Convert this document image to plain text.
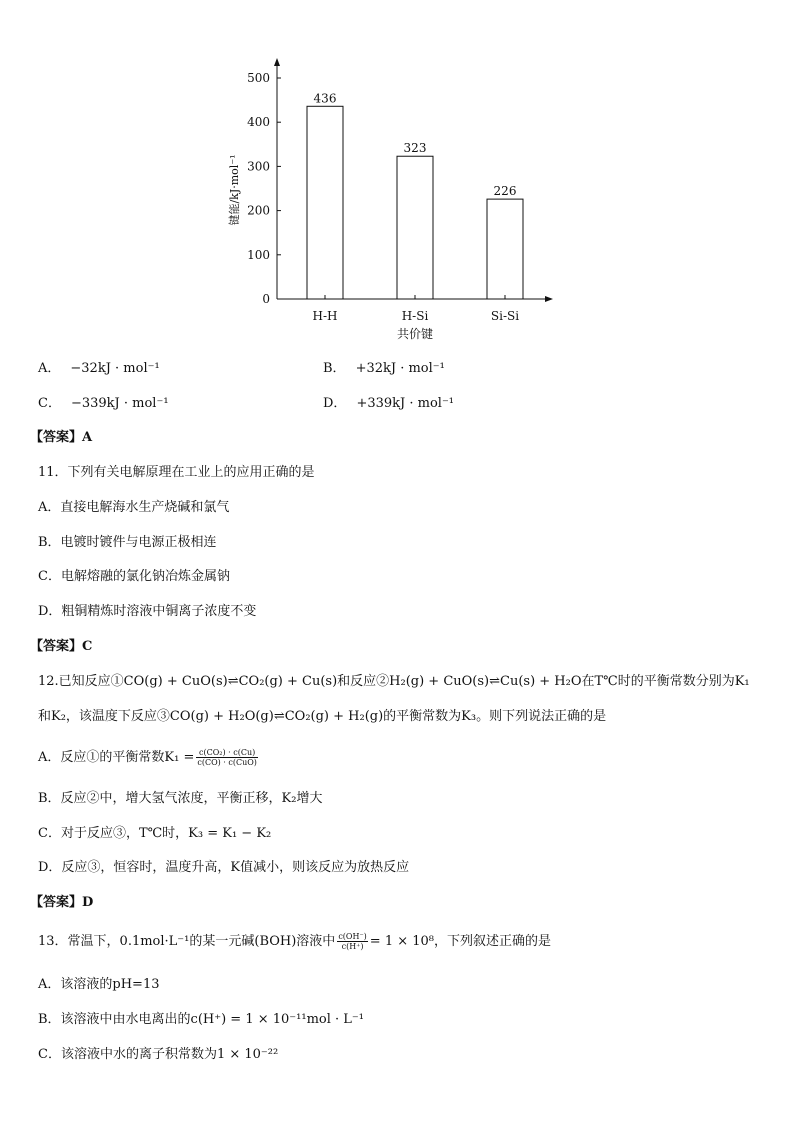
0
100
200
300
400
500
436
H-H
323
H-Si
226
Si-Si
共价键
键能/kJ·mol⁻¹
A． −32kJ · mol⁻¹	B． +32kJ · mol⁻¹
C． −339kJ · mol⁻¹	D． +339kJ · mol⁻¹
【答案】A
11．下列有关电解原理在工业上的应用正确的是
A．直接电解海水生产烧碱和氯气
B．电镀时镀件与电源正极相连
C．电解熔融的氯化钠冶炼金属钠
D．粗铜精炼时溶液中铜离子浓度不变
【答案】C
12.已知反应①CO(g) + CuO(s)⇌CO₂(g) + Cu(s)和反应②H₂(g) + CuO(s)⇌Cu(s) + H₂O在T℃时的平衡常数分别为K₁
和K₂，该温度下反应③CO(g) + H₂O(g)⇌CO₂(g) + H₂(g)的平衡常数为K₃。则下列说法正确的是
A．反应①的平衡常数$K_1 = \frac{\text{c(CO₂) · c(Cu)}}{\text{c(CO) · c(CuO)}}$
B．反应②中，增大氢气浓度，平衡正移，K₂增大
C．对于反应③，T℃时，K₃ = K₁ − K₂
D．反应③，恒容时，温度升高，K值减小，则该反应为放热反应
【答案】D
13．常温下，0.1mol·L⁻¹的某一元碱(BOH)溶液中 $\frac{c(OH^-)}{c(H^+)} = 1 \times 10^8$，下列叙述正确的是
A．该溶液的pH=13
B．该溶液中由水电离出的c(H⁺) = 1 × 10⁻¹¹mol · L⁻¹
C．该溶液中水的离子积常数为1 × 10⁻²²
